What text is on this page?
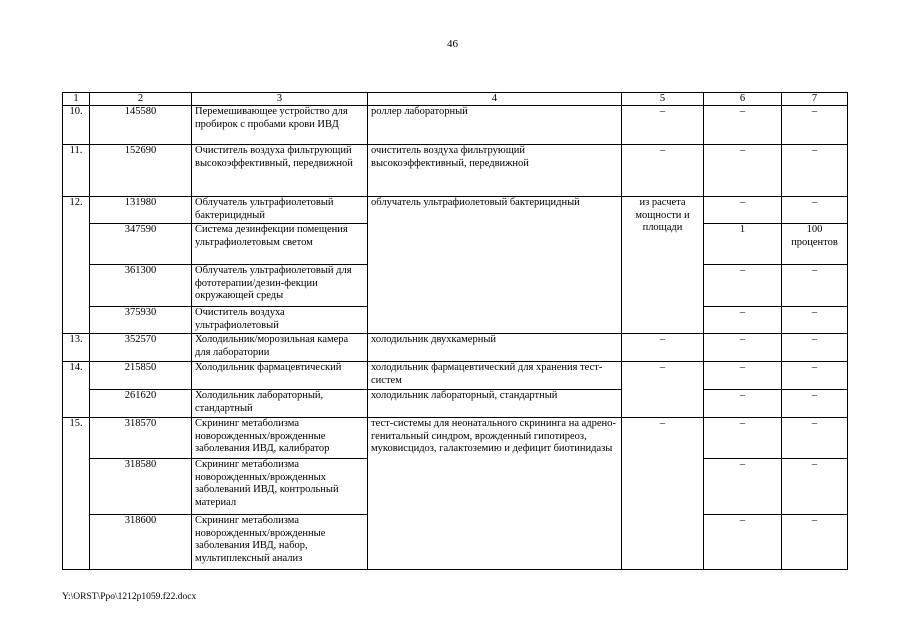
46
1	2	3	4	5	6	7
10.	145580	Перемешивающее устройство для пробирок с пробами крови ИВД	роллер лабораторный	–	–	–
11.	152690	Очиститель воздуха фильтрующий высокоэффективный, передвижной	очиститель воздуха фильтрующий высокоэффективный, передвижной	–	–	–
12.	131980	Облучатель ультрафиолетовый бактерицидный	облучатель ультрафиолетовый бактерицидный	из расчета мощности и площади	–	–
	347590	Система дезинфекции помещения ультрафиолетовым светом			1	100 процентов
	361300	Облучатель ультрафиолетовый для фототерапии/дезин-фекции окружающей среды			–	–
	375930	Очиститель воздуха ультрафиолетовый			–	–
13.	352570	Холодильник/морозильная камера для лаборатории	холодильник двухкамерный	–	–	–
14.	215850	Холодильник фармацевтический	холодильник фармацевтический для хранения тест-систем	–	–	–
	261620	Холодильник лабораторный, стандартный	холодильник лабораторный, стандартный		–	–
15.	318570	Скрининг метаболизма новорожденных/врожденные заболевания ИВД, калибратор	тест-системы для неонатального скрининга на адрено-генитальный синдром, врожденный гипотиреоз, муковисцидоз, галактоземию и дефицит биотинидазы	–	–	–
	318580	Скрининг метаболизма новорожденных/врожденных заболеваний ИВД, контрольный материал			–	–
	318600	Скрининг метаболизма новорожденных/врожденные заболевания ИВД, набор, мультиплексный анализ			–	–
Y:\ORST\Ppo\1212p1059.f22.docx
